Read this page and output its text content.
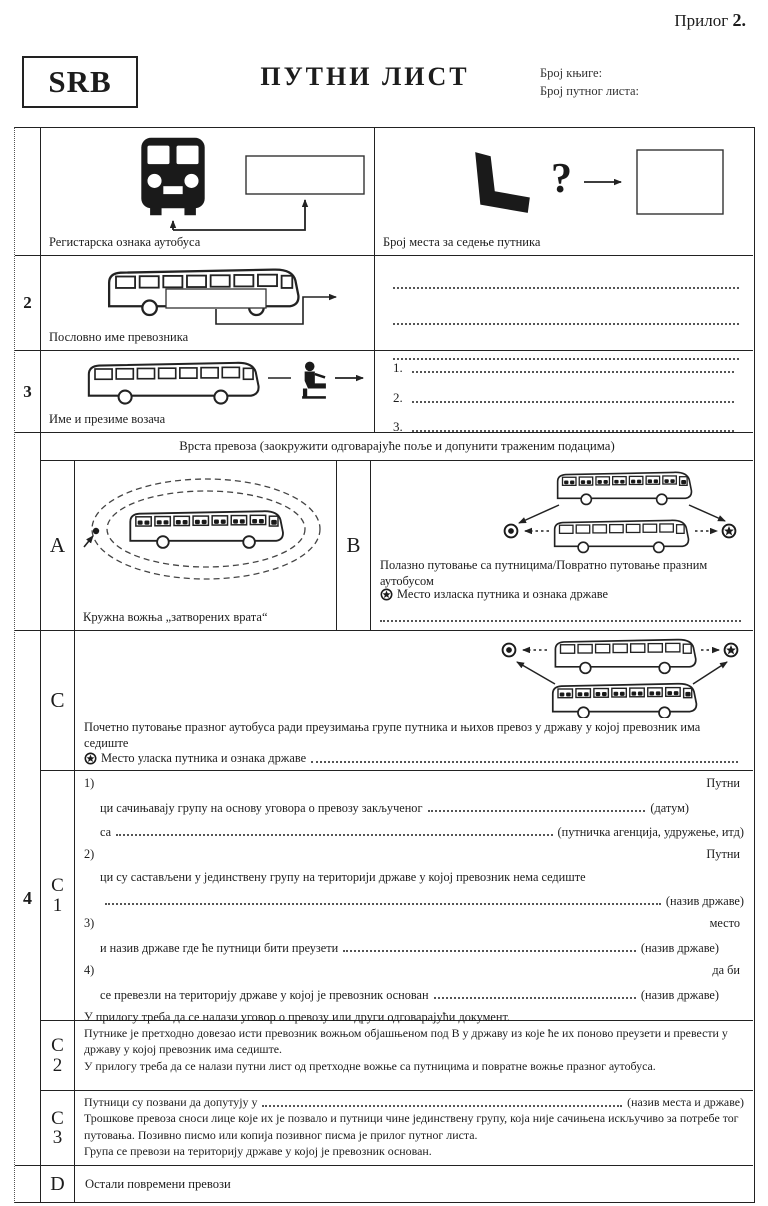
Прилог 2.
SRB	ПУТНИ ЛИСТ	Број књиге:
Број путног листа:
Регистарска ознака аутобуса
?
Број места за седење путника
2
Пословно име превозника
3
Име и презиме возача
1.
2.
3.
Врста превоза (заокружити одговарајуће поље и допунити траженим подацима)
A
Кружна вожња „затворених врата“
B
Полазно путовање са путницима/Повратно путовање празним аутобусом
Место изласка путника и ознака државе
4
C
Почетно путовање празног аутобуса ради преузимања групе путника и њихов превоз у државу у којој превозник има седиште
Место уласка путника и ознака државе
C
1
1)	Путни
ци сачињавају групу на основу уговора о превозу закљученог	(датум)
са	(путничка агенција, удружење, итд)
2)	Путни
ци су састављени у јединствену групу на територији државе у којој превозник нема седиште
(назив државе)
3)	место
и назив државе где ће путници бити преузети	(назив државе)
4)	да би
се превезли на територију државе у којој је превозник основан	(назив државе)
У прилогу треба да се налази уговор о превозу или други одговарајући документ.
C
2
Путнике је претходно довезао исти превозник вожњом објашњеном под B у државу из које ће их поново преузети и превести у државу у којој превозник има седиште.
У прилогу треба да се налази путни лист од претходне вожње са путницима и повратне вожње празног аутобуса.
C
3
Путници су позвани да допутују у	(назив места и државе)
Трошкове превоза сноси лице које их је позвало и путници чине јединствену групу, која није сачињена искључиво за потребе тог путовања. Позивно писмо или копија позивног писма је прилог путног листа.
Група се превози на територију државе у којој је превозник основан.
D Остали повремени превози
